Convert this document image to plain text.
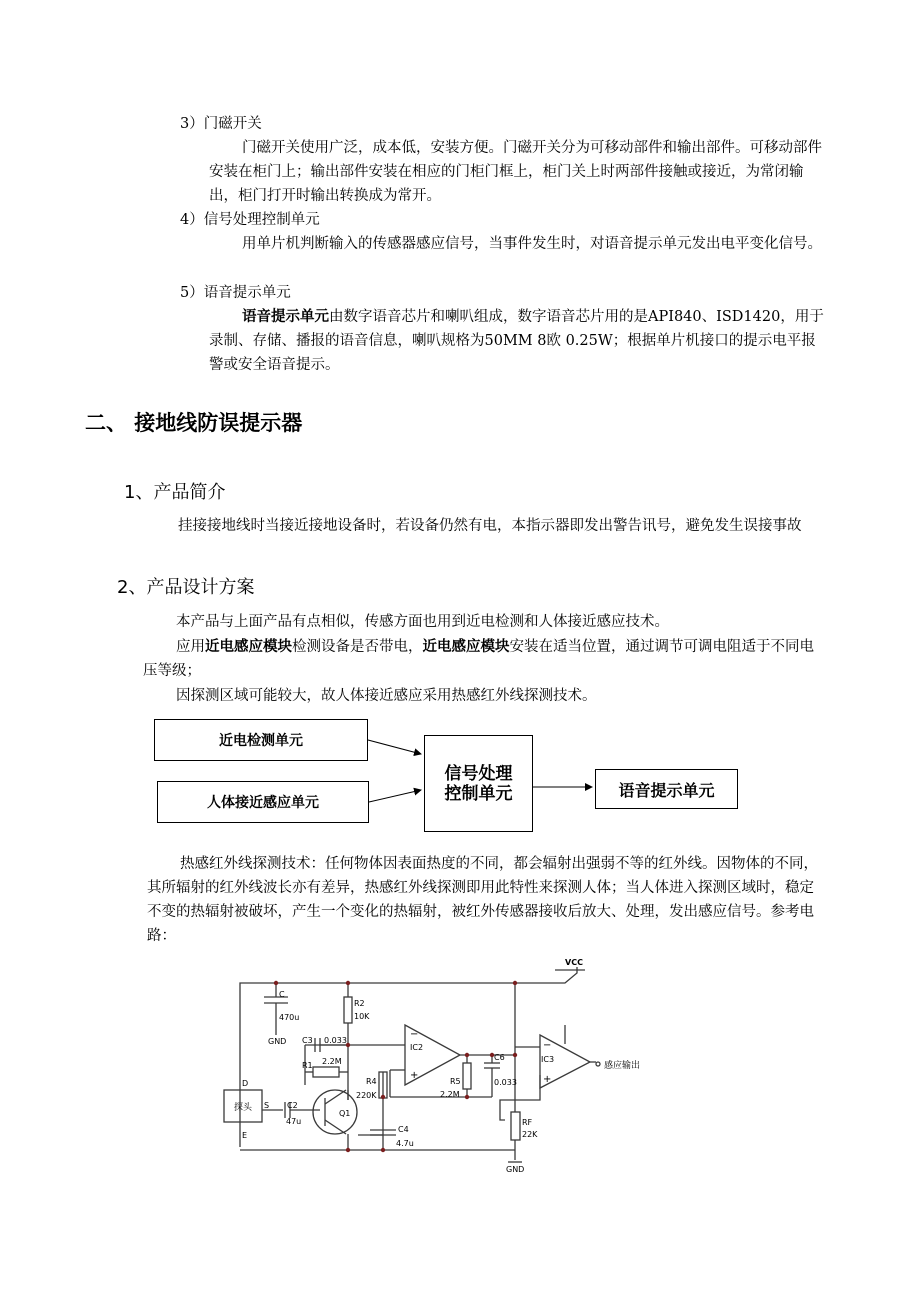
3）门磁开关
门磁开关使用广泛，成本低，安装方便。门磁开关分为可移动部件和输出部件。可移动部件安装在柜门上；输出部件安装在相应的门柜门框上，柜门关上时两部件接触或接近，为常闭输出，柜门打开时输出转换成为常开。
4）信号处理控制单元
用单片机判断输入的传感器感应信号，当事件发生时，对语音提示单元发出电平变化信号。
5）语音提示单元
语音提示单元由数字语音芯片和喇叭组成，数字语音芯片用的是API840、ISD1420，用于录制、存储、播报的语音信息，喇叭规格为50MM 8欧 0.25W；根据单片机接口的提示电平报警或安全语音提示。
二、 接地线防误提示器
1、产品简介
挂接接地线时当接近接地设备时，若设备仍然有电，本指示器即发出警告讯号，避免发生误接事故
2、产品设计方案
本产品与上面产品有点相似，传感方面也用到近电检测和人体接近感应技术。
应用近电感应模块检测设备是否带电，近电感应模块安装在适当位置，通过调节可调电阻适于不同电压等级；
因探测区域可能较大，故人体接近感应采用热感红外线探测技术。
近电检测单元
人体接近感应单元
信号处理
控制单元	语音提示单元
热感红外线探测技术：任何物体因表面热度的不同，都会辐射出强弱不等的红外线。因物体的不同，其所辐射的红外线波长亦有差异，热感红外线探测即用此特性来探测人体；当人体进入探测区域时，稳定不变的热辐射被破坏，产生一个变化的热辐射，被红外传感器接收后放大、处理，发出感应信号。参考电路：
VCC
GND
GND
C
470u
R2
10K
C3 0.033
R1 2.2M
IC2
−
+
C6
0.033
R4
220K
R5
2.2M
C2
47u
Q1
C4
4.7u
RF
22K
IC3
−
+
探头
D
S
E
感应输出
